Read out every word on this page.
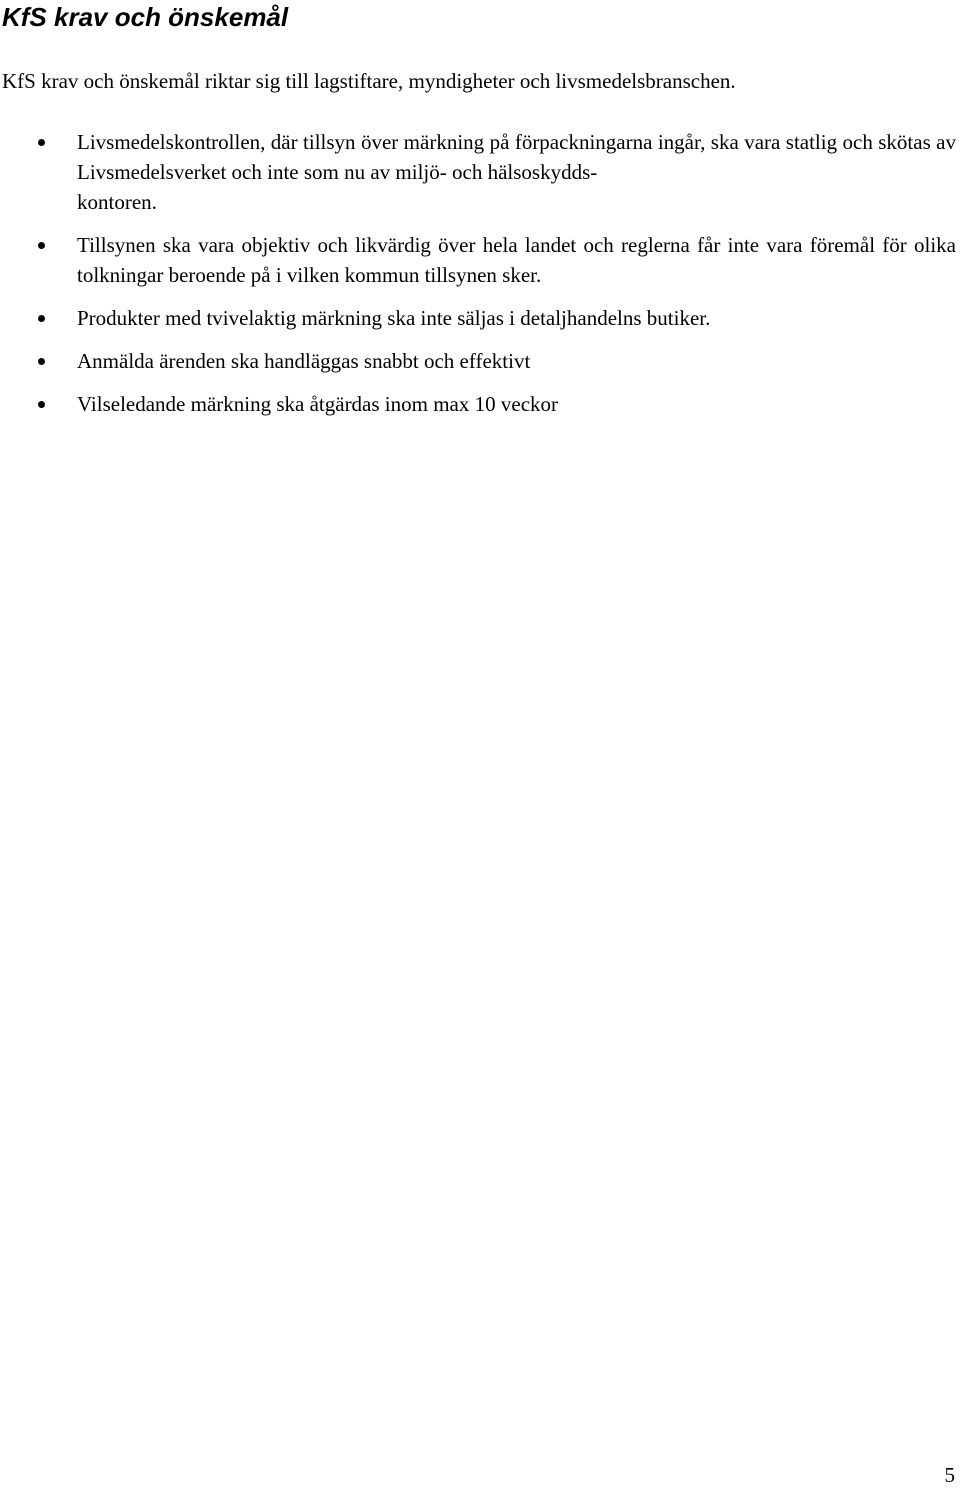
KfS krav och önskemål

KfS krav och önskemål riktar sig till lagstiftare, myndigheter och livsmedelsbranschen.

Livsmedelskontrollen, där tillsyn över märkning på förpackningarna ingår, ska vara statlig och skötas av Livsmedelsverket och inte som nu av miljö- och hälsoskydds-
kontoren.
Tillsynen ska vara objektiv och likvärdig över hela landet och reglerna får inte vara föremål för olika tolkningar beroende på i vilken kommun tillsynen sker.
Produkter med tvivelaktig märkning ska inte säljas i detaljhandelns butiker.
Anmälda ärenden ska handläggas snabbt och effektivt
Vilseledande märkning ska åtgärdas inom max 10 veckor
5
